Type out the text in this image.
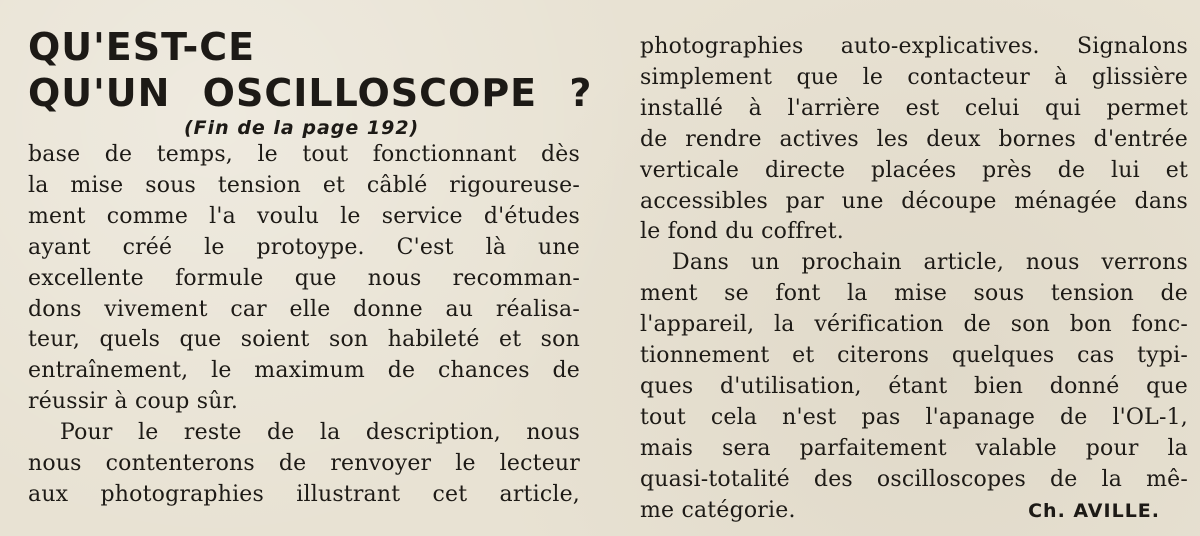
QU'EST-CE
QU'UN OSCILLOSCOPE ?

(Fin de la page 192)

base de temps, le tout fonctionnant dès
la mise sous tension et câblé rigoureuse-
ment comme l'a voulu le service d'études
ayant créé le protoype. C'est là une
excellente formule que nous recomman-
dons vivement car elle donne au réalisa-
teur, quels que soient son habileté et son
entraînement, le maximum de chances de
réussir à coup sûr.
Pour le reste de la description, nous
nous contenterons de renvoyer le lecteur
aux photographies illustrant cet article,

photographies auto-explicatives. Signalons
simplement que le contacteur à glissière
installé à l'arrière est celui qui permet
de rendre actives les deux bornes d'entrée
verticale directe placées près de lui et
accessibles par une découpe ménagée dans
le fond du coffret.
Dans un prochain article, nous verrons
ment se font la mise sous tension de
l'appareil, la vérification de son bon fonc-
tionnement et citerons quelques cas typi-
ques d'utilisation, étant bien donné que
tout cela n'est pas l'apanage de l'OL-1,
mais sera parfaitement valable pour la
quasi-totalité des oscilloscopes de la mê-
me catégorie.	Ch. AVILLE.
